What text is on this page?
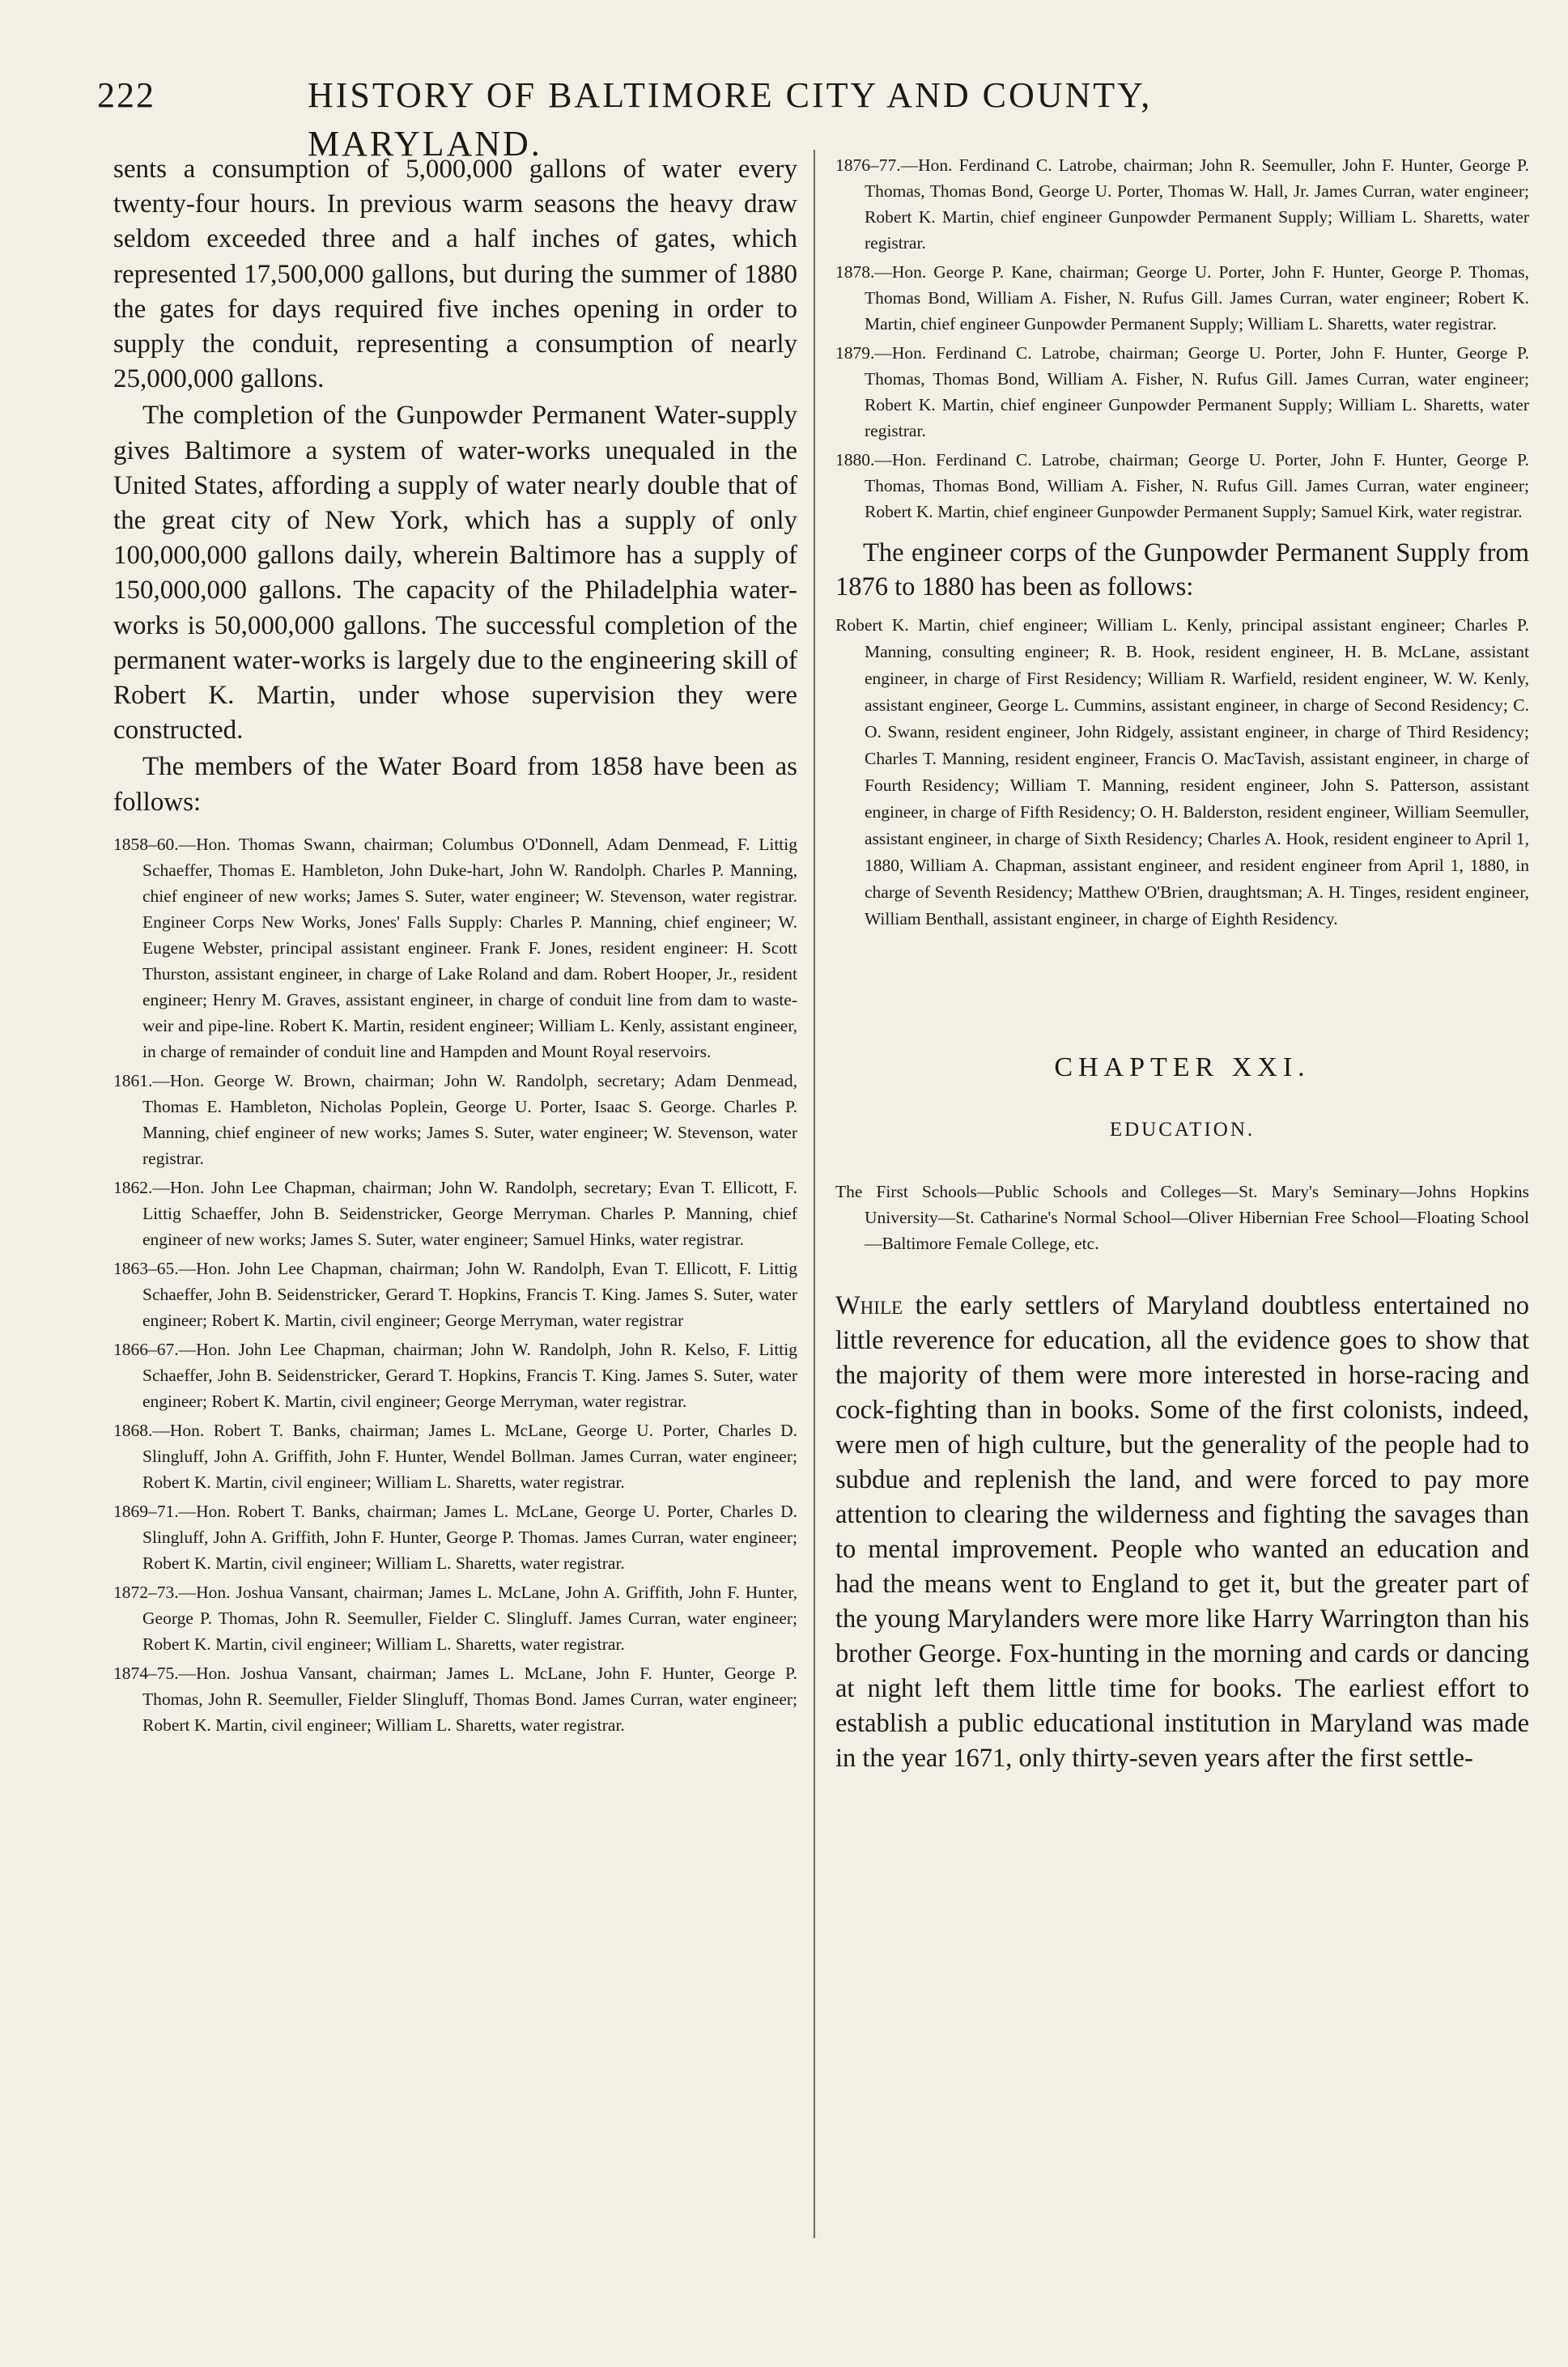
222	HISTORY OF BALTIMORE CITY AND COUNTY, MARYLAND.

sents a consumption of 5,000,000 gallons of water every twenty-four hours. In previous warm seasons the heavy draw seldom exceeded three and a half inches of gates, which represented 17,500,000 gallons, but during the summer of 1880 the gates for days required five inches opening in order to supply the conduit, representing a consumption of nearly 25,000,000 gallons.

The completion of the Gunpowder Permanent Water-supply gives Baltimore a system of water-works unequaled in the United States, affording a supply of water nearly double that of the great city of New York, which has a supply of only 100,000,000 gallons daily, wherein Baltimore has a supply of 150,000,000 gallons. The capacity of the Philadelphia water-works is 50,000,000 gallons. The successful completion of the permanent water-works is largely due to the engineering skill of Robert K. Martin, under whose supervision they were constructed.

The members of the Water Board from 1858 have been as follows:

1858–60.—Hon. Thomas Swann, chairman; Columbus O'Donnell, Adam Denmead, F. Littig Schaeffer, Thomas E. Hambleton, John Duke-hart, John W. Randolph. Charles P. Manning, chief engineer of new works; James S. Suter, water engineer; W. Stevenson, water registrar. Engineer Corps New Works, Jones' Falls Supply: Charles P. Manning, chief engineer; W. Eugene Webster, principal assistant engineer. Frank F. Jones, resident engineer: H. Scott Thurston, assistant engineer, in charge of Lake Roland and dam. Robert Hooper, Jr., resident engineer; Henry M. Graves, assistant engineer, in charge of conduit line from dam to waste-weir and pipe-line. Robert K. Martin, resident engineer; William L. Kenly, assistant engineer, in charge of remainder of conduit line and Hampden and Mount Royal reservoirs.

1861.—Hon. George W. Brown, chairman; John W. Randolph, secretary; Adam Denmead, Thomas E. Hambleton, Nicholas Poplein, George U. Porter, Isaac S. George. Charles P. Manning, chief engineer of new works; James S. Suter, water engineer; W. Stevenson, water registrar.

1862.—Hon. John Lee Chapman, chairman; John W. Randolph, secretary; Evan T. Ellicott, F. Littig Schaeffer, John B. Seidenstricker, George Merryman. Charles P. Manning, chief engineer of new works; James S. Suter, water engineer; Samuel Hinks, water registrar.

1863–65.—Hon. John Lee Chapman, chairman; John W. Randolph, Evan T. Ellicott, F. Littig Schaeffer, John B. Seidenstricker, Gerard T. Hopkins, Francis T. King. James S. Suter, water engineer; Robert K. Martin, civil engineer; George Merryman, water registrar

1866–67.—Hon. John Lee Chapman, chairman; John W. Randolph, John R. Kelso, F. Littig Schaeffer, John B. Seidenstricker, Gerard T. Hopkins, Francis T. King. James S. Suter, water engineer; Robert K. Martin, civil engineer; George Merryman, water registrar.

1868.—Hon. Robert T. Banks, chairman; James L. McLane, George U. Porter, Charles D. Slingluff, John A. Griffith, John F. Hunter, Wendel Bollman. James Curran, water engineer; Robert K. Martin, civil engineer; William L. Sharetts, water registrar.

1869–71.—Hon. Robert T. Banks, chairman; James L. McLane, George U. Porter, Charles D. Slingluff, John A. Griffith, John F. Hunter, George P. Thomas. James Curran, water engineer; Robert K. Martin, civil engineer; William L. Sharetts, water registrar.

1872–73.—Hon. Joshua Vansant, chairman; James L. McLane, John A. Griffith, John F. Hunter, George P. Thomas, John R. Seemuller, Fielder C. Slingluff. James Curran, water engineer; Robert K. Martin, civil engineer; William L. Sharetts, water registrar.

1874–75.—Hon. Joshua Vansant, chairman; James L. McLane, John F. Hunter, George P. Thomas, John R. Seemuller, Fielder Slingluff, Thomas Bond. James Curran, water engineer; Robert K. Martin, civil engineer; William L. Sharetts, water registrar.

1876–77.—Hon. Ferdinand C. Latrobe, chairman; John R. Seemuller, John F. Hunter, George P. Thomas, Thomas Bond, George U. Porter, Thomas W. Hall, Jr. James Curran, water engineer; Robert K. Martin, chief engineer Gunpowder Permanent Supply; William L. Sharetts, water registrar.

1878.—Hon. George P. Kane, chairman; George U. Porter, John F. Hunter, George P. Thomas, Thomas Bond, William A. Fisher, N. Rufus Gill. James Curran, water engineer; Robert K. Martin, chief engineer Gunpowder Permanent Supply; William L. Sharetts, water registrar.

1879.—Hon. Ferdinand C. Latrobe, chairman; George U. Porter, John F. Hunter, George P. Thomas, Thomas Bond, William A. Fisher, N. Rufus Gill. James Curran, water engineer; Robert K. Martin, chief engineer Gunpowder Permanent Supply; William L. Sharetts, water registrar.

1880.—Hon. Ferdinand C. Latrobe, chairman; George U. Porter, John F. Hunter, George P. Thomas, Thomas Bond, William A. Fisher, N. Rufus Gill. James Curran, water engineer; Robert K. Martin, chief engineer Gunpowder Permanent Supply; Samuel Kirk, water registrar.

The engineer corps of the Gunpowder Permanent Supply from 1876 to 1880 has been as follows:

Robert K. Martin, chief engineer; William L. Kenly, principal assistant engineer; Charles P. Manning, consulting engineer; R. B. Hook, resident engineer, H. B. McLane, assistant engineer, in charge of First Residency; William R. Warfield, resident engineer, W. W. Kenly, assistant engineer, George L. Cummins, assistant engineer, in charge of Second Residency; C. O. Swann, resident engineer, John Ridgely, assistant engineer, in charge of Third Residency; Charles T. Manning, resident engineer, Francis O. MacTavish, assistant engineer, in charge of Fourth Residency; William T. Manning, resident engineer, John S. Patterson, assistant engineer, in charge of Fifth Residency; O. H. Balderston, resident engineer, William Seemuller, assistant engineer, in charge of Sixth Residency; Charles A. Hook, resident engineer to April 1, 1880, William A. Chapman, assistant engineer, and resident engineer from April 1, 1880, in charge of Seventh Residency; Matthew O'Brien, draughtsman; A. H. Tinges, resident engineer, William Benthall, assistant engineer, in charge of Eighth Residency.

CHAPTER XXI.

EDUCATION.

The First Schools—Public Schools and Colleges—St. Mary's Seminary—Johns Hopkins University—St. Catharine's Normal School—Oliver Hibernian Free School—Floating School—Baltimore Female College, etc.

While the early settlers of Maryland doubtless entertained no little reverence for education, all the evidence goes to show that the majority of them were more interested in horse-racing and cock-fighting than in books. Some of the first colonists, indeed, were men of high culture, but the generality of the people had to subdue and replenish the land, and were forced to pay more attention to clearing the wilderness and fighting the savages than to mental improvement. People who wanted an education and had the means went to England to get it, but the greater part of the young Marylanders were more like Harry Warrington than his brother George. Fox-hunting in the morning and cards or dancing at night left them little time for books. The earliest effort to establish a public educational institution in Maryland was made in the year 1671, only thirty-seven years after the first settle-
